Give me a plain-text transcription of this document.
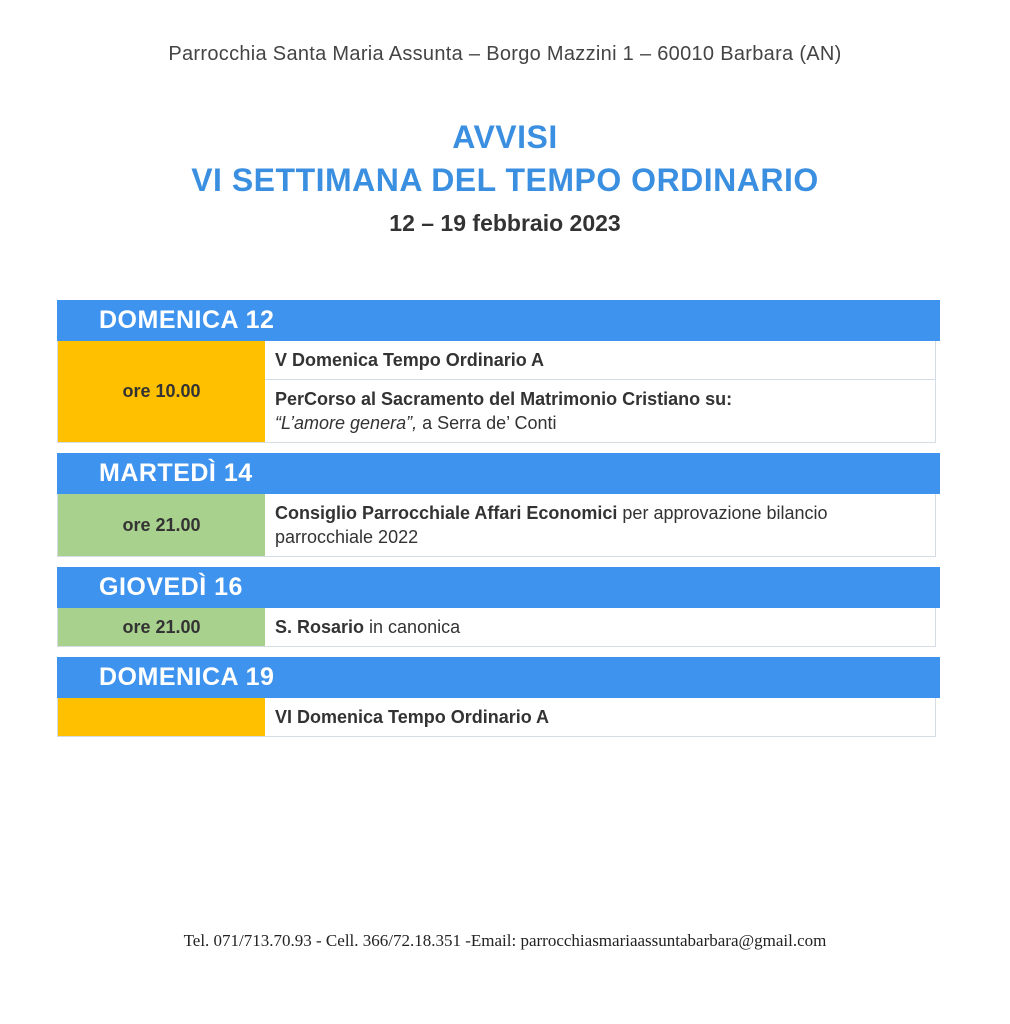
Parrocchia Santa Maria Assunta – Borgo Mazzini 1 – 60010 Barbara (AN)
AVVISI
VI SETTIMANA DEL TEMPO ORDINARIO
12 – 19 febbraio 2023
DOMENICA 12
ore 10.00
V Domenica Tempo Ordinario A
PerCorso al Sacramento del Matrimonio Cristiano su:
“L’amore genera”, a Serra de’ Conti
MARTEDÌ 14
ore 21.00
Consiglio Parrocchiale Affari Economici per approvazione bilancio parrocchiale 2022
GIOVEDÌ 16
ore 21.00	S. Rosario in canonica
DOMENICA 19
VI Domenica Tempo Ordinario A
Tel. 071/713.70.93 - Cell. 366/72.18.351 -Email: parrocchiasmariaassuntabarbara@gmail.com
